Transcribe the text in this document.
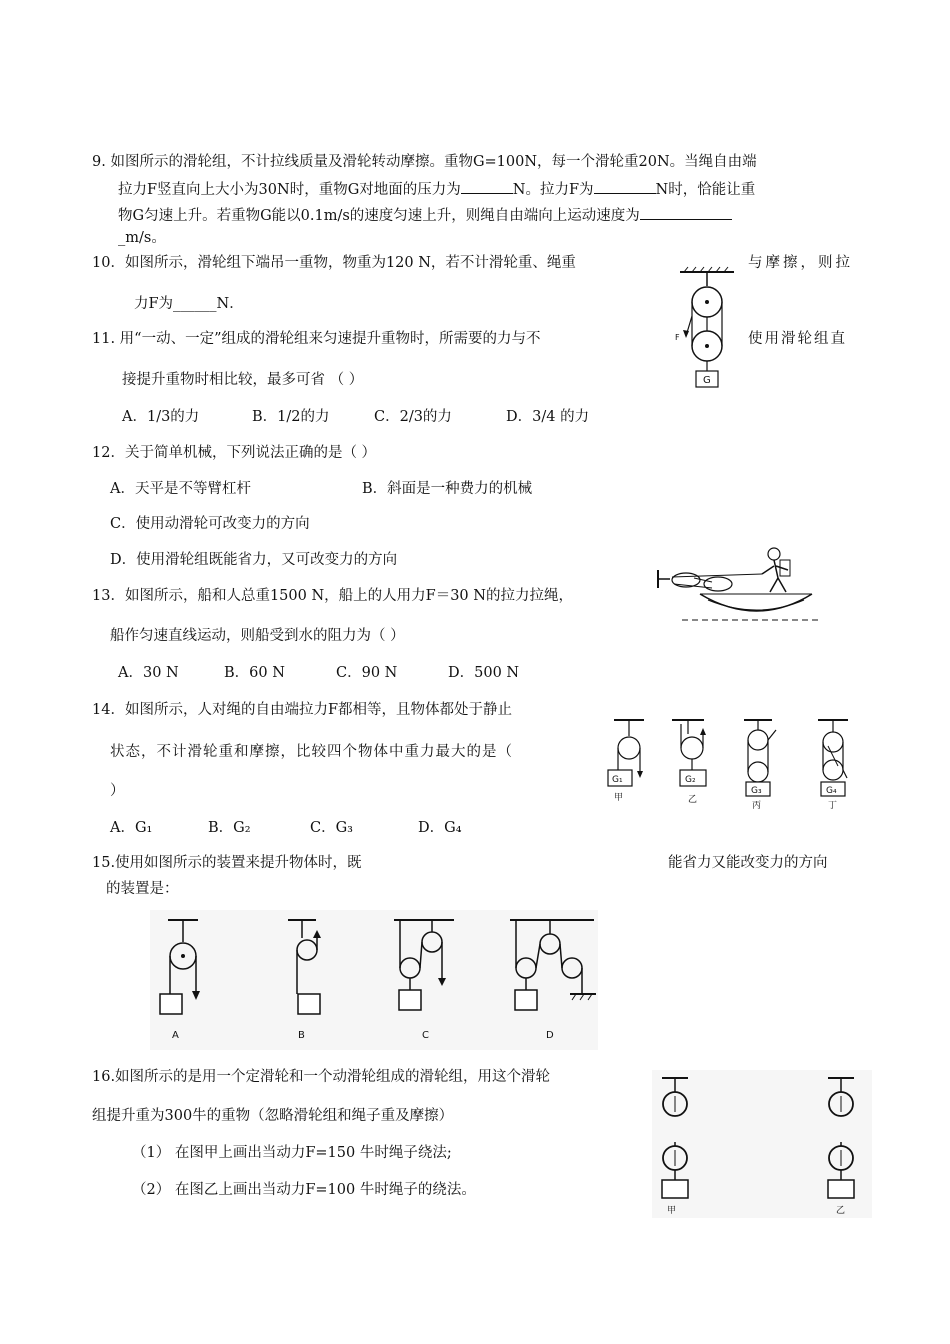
9. 如图所示的滑轮组，不计拉线质量及滑轮转动摩擦。重物G=100N，每一个滑轮重20N。当绳自由端
拉力F竖直向上大小为30N时，重物G对地面的压力为	N。拉力F为	N时，恰能让重
物G匀速上升。若重物G能以0.1m/s的速度匀速上升，则绳自由端向上运动速度为
_m/s。
10．如图所示，滑轮组下端吊一重物，物重为120 N，若不计滑轮重、绳重	与摩擦，则拉
力F为______N．
F
G
11. 用“一动、一定”组成的滑轮组来匀速提升重物时，所需要的力与不	使用滑轮组直
接提升重物时相比较，最多可省 （ ）
A．1/3的力	B．1/2的力	C．2/3的力	D．3/4 的力
12．关于简单机械，下列说法正确的是（ ）
A．天平是不等臂杠杆	B．斜面是一种费力的机械
C．使用动滑轮可改变力的方向
D．使用滑轮组既能省力，又可改变力的方向
13．如图所示，船和人总重1500 N，船上的人用力F＝30 N的拉力拉绳，
船作匀速直线运动，则船受到水的阻力为（ ）
A．30 N	B．60 N	C．90 N	D．500 N
14．如图所示，人对绳的自由端拉力F都相等，且物体都处于静止
状态，不计滑轮重和摩擦，比较四个物体中重力最大的是（
）
A．G₁	B．G₂	C．G₃	D．G₄
G₁
甲
G₂
乙
G₃
丙
G₄
丁
15.使用如图所示的装置来提升物体时，既	能省力又能改变力的方向
的装置是：
A	B	C	D
16.如图所示的是用一个定滑轮和一个动滑轮组成的滑轮组，用这个滑轮
组提升重为300牛的重物（忽略滑轮组和绳子重及摩擦）
（1） 在图甲上画出当动力F=150 牛时绳子绕法;
（2） 在图乙上画出当动力F=100 牛时绳子的绕法。
甲	乙
